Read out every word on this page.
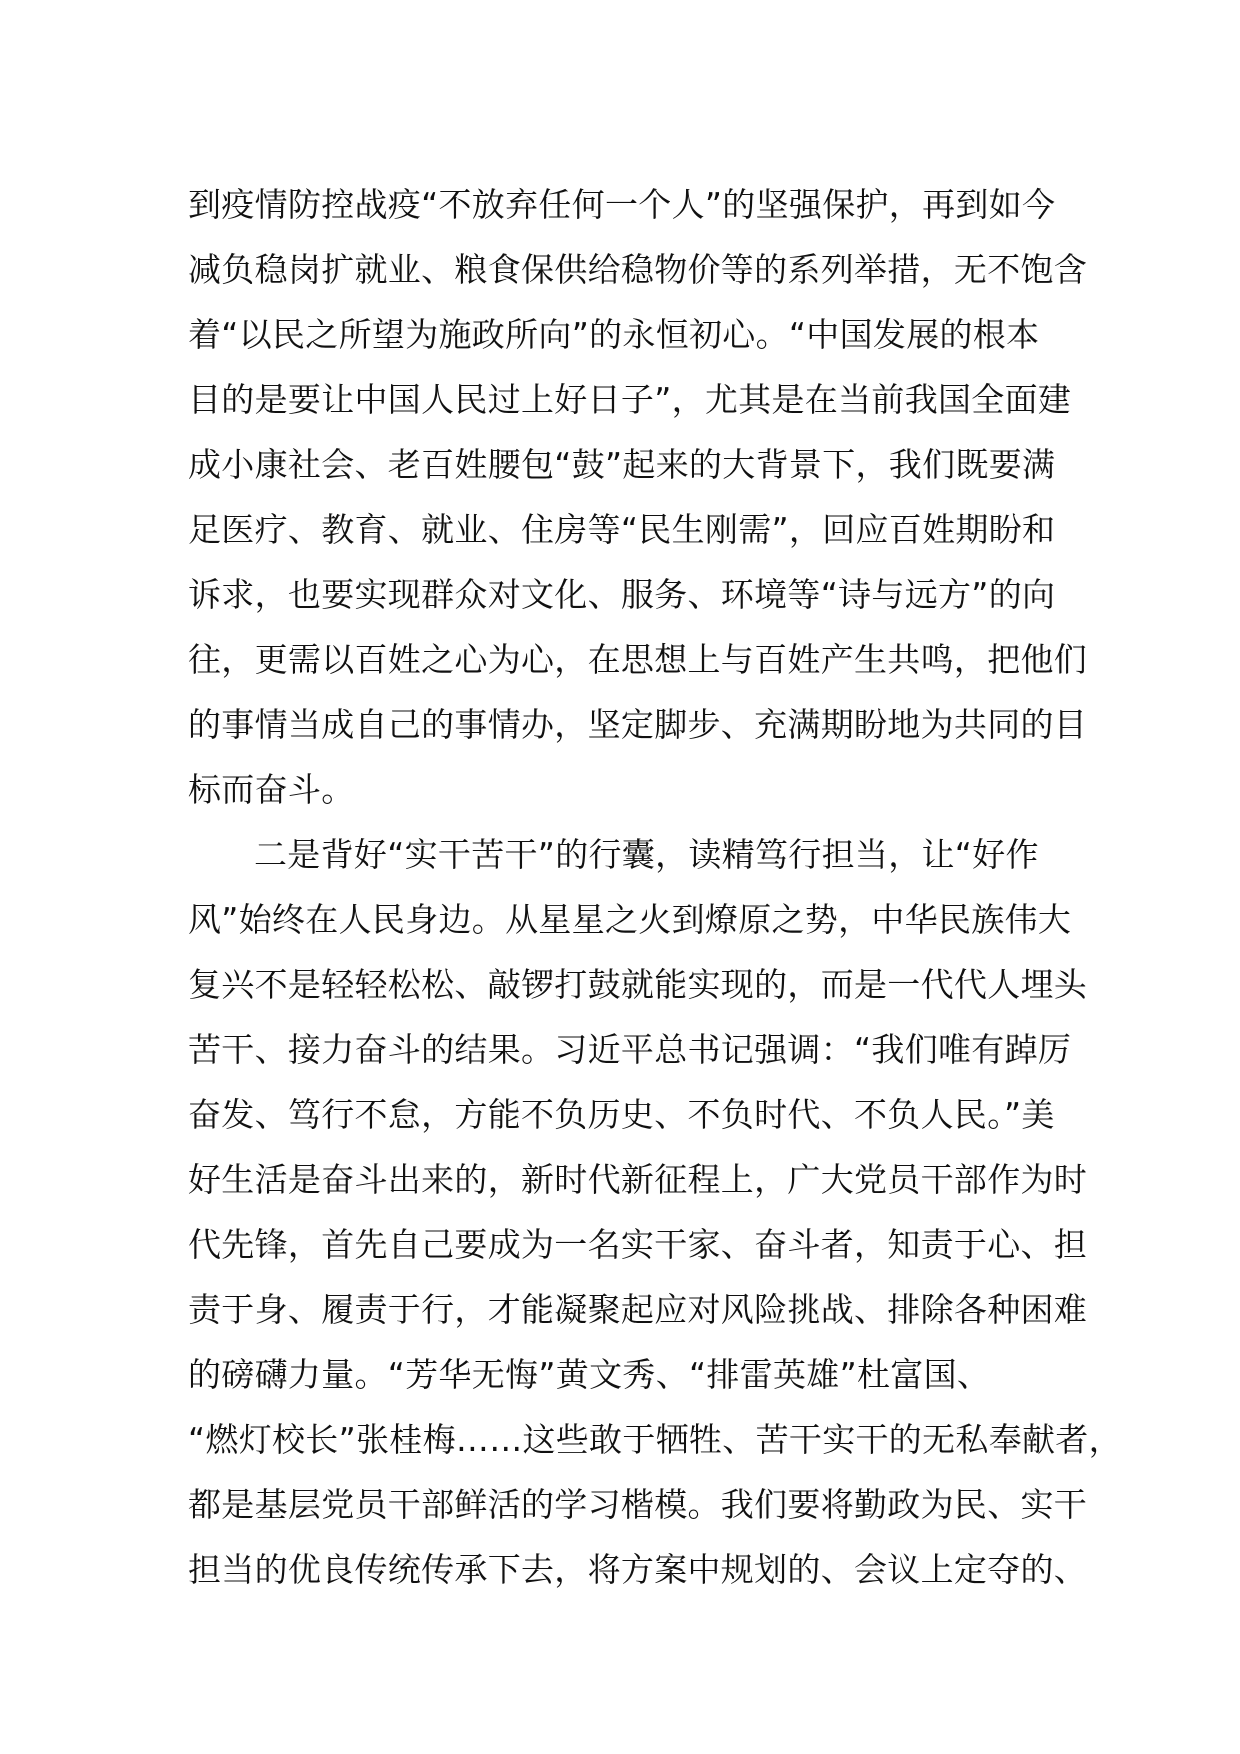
到疫情防控战疫“不放弃任何一个人”的坚强保护，再到如今
减负稳岗扩就业、粮食保供给稳物价等的系列举措，无不饱含
着“以民之所望为施政所向”的永恒初心。“中国发展的根本
目的是要让中国人民过上好日子”，尤其是在当前我国全面建
成小康社会、老百姓腰包“鼓”起来的大背景下，我们既要满
足医疗、教育、就业、住房等“民生刚需”，回应百姓期盼和
诉求，也要实现群众对文化、服务、环境等“诗与远方”的向
往，更需以百姓之心为心，在思想上与百姓产生共鸣，把他们
的事情当成自己的事情办，坚定脚步、充满期盼地为共同的目
标而奋斗。
二是背好“实干苦干”的行囊，读精笃行担当，让“好作
风”始终在人民身边。从星星之火到燎原之势，中华民族伟大
复兴不是轻轻松松、敲锣打鼓就能实现的，而是一代代人埋头
苦干、接力奋斗的结果。习近平总书记强调：“我们唯有踔厉
奋发、笃行不怠，方能不负历史、不负时代、不负人民。”美
好生活是奋斗出来的，新时代新征程上，广大党员干部作为时
代先锋，首先自己要成为一名实干家、奋斗者，知责于心、担
责于身、履责于行，才能凝聚起应对风险挑战、排除各种困难
的磅礴力量。“芳华无悔”黄文秀、“排雷英雄”杜富国、
“燃灯校长”张桂梅……这些敢于牺牲、苦干实干的无私奉献者，
都是基层党员干部鲜活的学习楷模。我们要将勤政为民、实干
担当的优良传统传承下去，将方案中规划的、会议上定夺的、
